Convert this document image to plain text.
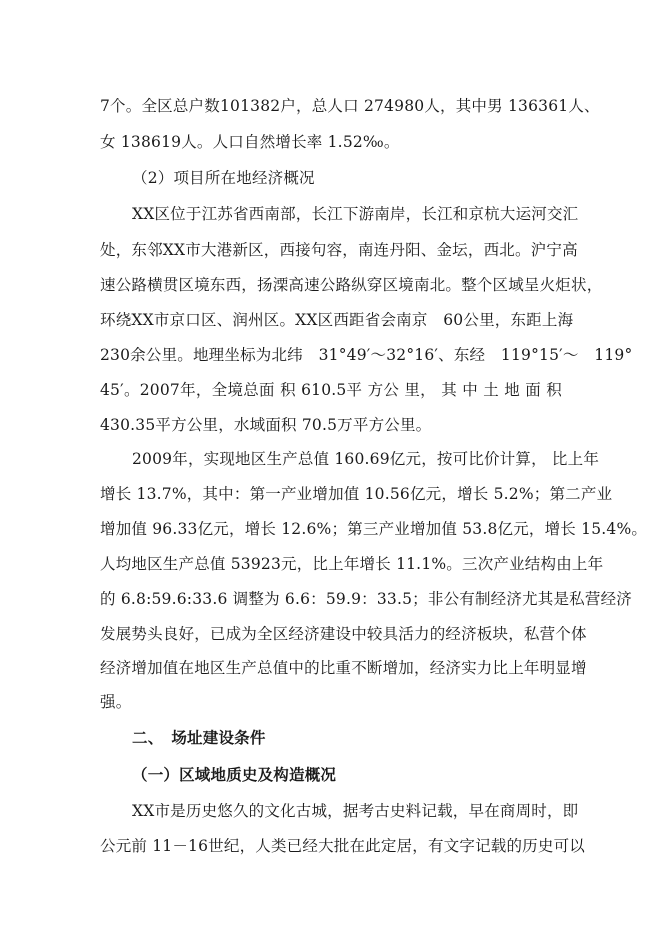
7个。全区总户数101382户，总人口 274980人，其中男 136361人、
女 138619人。人口自然增长率 1.52‰。
（2）项目所在地经济概况
XX区位于江苏省西南部，长江下游南岸，长江和京杭大运河交汇
处，东邻XX市大港新区，西接句容，南连丹阳、金坛，西北。沪宁高
速公路横贯区境东西，扬溧高速公路纵穿区境南北。整个区域呈火炬状，
环绕XX市京口区、润州区。XX区西距省会南京　60公里，东距上海
230余公里。地理坐标为北纬　31°49′～32°16′、东经　119°15′～　119°
45′。2007年，全境总面 积 610.5平 方公 里， 其 中 土 地 面 积
430.35平方公里，水域面积 70.5万平方公里。
2009年，实现地区生产总值 160.69亿元，按可比价计算， 比上年
增长 13.7%，其中：第一产业增加值 10.56亿元，增长 5.2%；第二产业
增加值 96.33亿元，增长 12.6%；第三产业增加值 53.8亿元，增长 15.4%。
人均地区生产总值 53923元，比上年增长 11.1%。三次产业结构由上年
的 6.8:59.6:33.6 调整为 6.6：59.9：33.5；非公有制经济尤其是私营经济
发展势头良好，已成为全区经济建设中较具活力的经济板块，私营个体
经济增加值在地区生产总值中的比重不断增加，经济实力比上年明显增
强。
二、　场址建设条件
（一）区域地质史及构造概况
XX市是历史悠久的文化古城，据考古史料记载，早在商周时，即
公元前 11－16世纪，人类已经大批在此定居，有文字记载的历史可以
